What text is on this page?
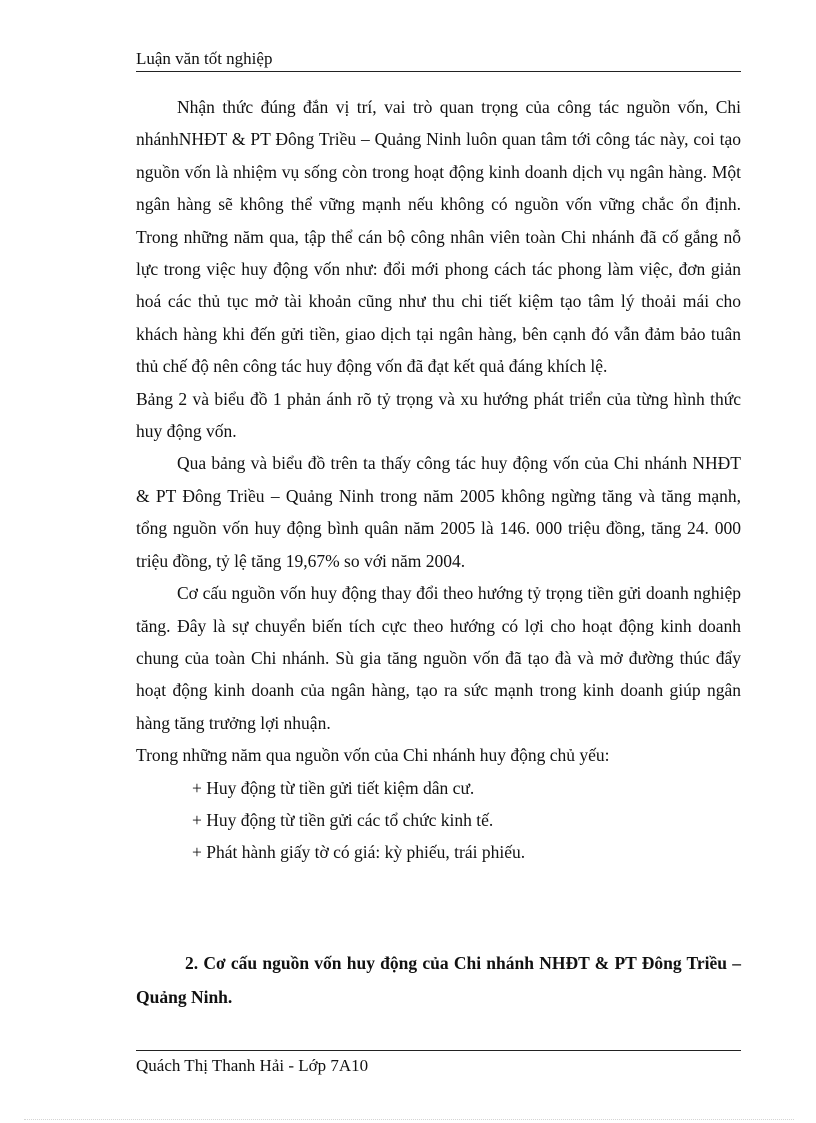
Luận văn tốt nghiệp

Nhận thức đúng đắn vị trí, vai trò quan trọng của công tác nguồn vốn, Chi nhánhNHĐT & PT Đông Triều – Quảng Ninh luôn quan tâm tới công tác này, coi tạo nguồn vốn là nhiệm vụ sống còn trong hoạt động kinh doanh dịch vụ ngân hàng. Một ngân hàng sẽ không thể vững mạnh nếu không có nguồn vốn vững chắc ổn định. Trong những năm qua, tập thể cán bộ công nhân viên toàn Chi nhánh đã cố gắng nỗ lực trong việc huy động vốn như: đổi mới phong cách tác phong làm việc, đơn giản hoá các thủ tục mở tài khoản cũng như thu chi tiết kiệm tạo tâm lý thoải mái cho khách hàng khi đến gửi tiền, giao dịch tại ngân hàng, bên cạnh đó vẫn đảm bảo tuân thủ chế độ nên công tác huy động vốn đã đạt kết quả đáng khích lệ.

Bảng 2 và biểu đồ 1 phản ánh rõ tỷ trọng và xu hướng phát triển của từng hình thức huy động vốn.

Qua bảng và biểu đồ trên ta thấy công tác huy động vốn của Chi nhánh NHĐT & PT Đông Triều – Quảng Ninh trong năm 2005 không ngừng tăng và tăng mạnh, tổng nguồn vốn huy động bình quân năm 2005 là 146. 000 triệu đồng, tăng 24. 000 triệu đồng, tỷ lệ tăng 19,67% so với năm 2004.

Cơ cấu nguồn vốn huy động thay đổi theo hướng tỷ trọng tiền gửi doanh nghiệp tăng. Đây là sự chuyển biến tích cực theo hướng có lợi cho hoạt động kinh doanh chung của toàn Chi nhánh. Sù gia tăng nguồn vốn đã tạo đà và mở đường thúc đẩy hoạt động kinh doanh của ngân hàng, tạo ra sức mạnh trong kinh doanh giúp ngân hàng tăng trưởng lợi nhuận.

Trong những năm qua nguồn vốn của Chi nhánh huy động chủ yếu:

+ Huy động từ tiền gửi tiết kiệm dân cư.

+ Huy động từ tiền gửi các tổ chức kinh tế.

+ Phát hành giấy tờ có giá: kỳ phiếu, trái phiếu.

2. Cơ cấu nguồn vốn huy động của Chi nhánh NHĐT & PT Đông Triều – Quảng Ninh.

Quách Thị Thanh Hải - Lớp 7A10
